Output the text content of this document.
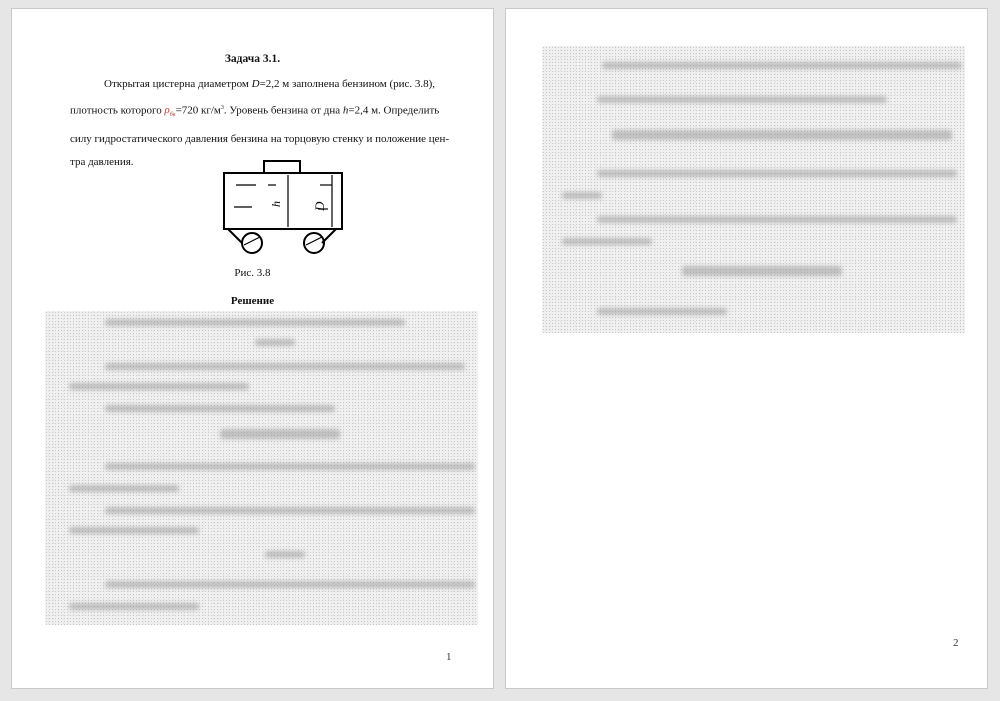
Задача 3.1.
Открытая цистерна диаметром D=2,2 м заполнена бензином (рис. 3.8),
плотность которого $\rho_{бк}=720$ $кг/м^3$. Уровень бензина от дна h=2,4 м. Определить
силу гидростатического давления бензина на торцовую стенку и положение цен-
тра давления.
h D
Рис. 3.8
Решение
1
2
